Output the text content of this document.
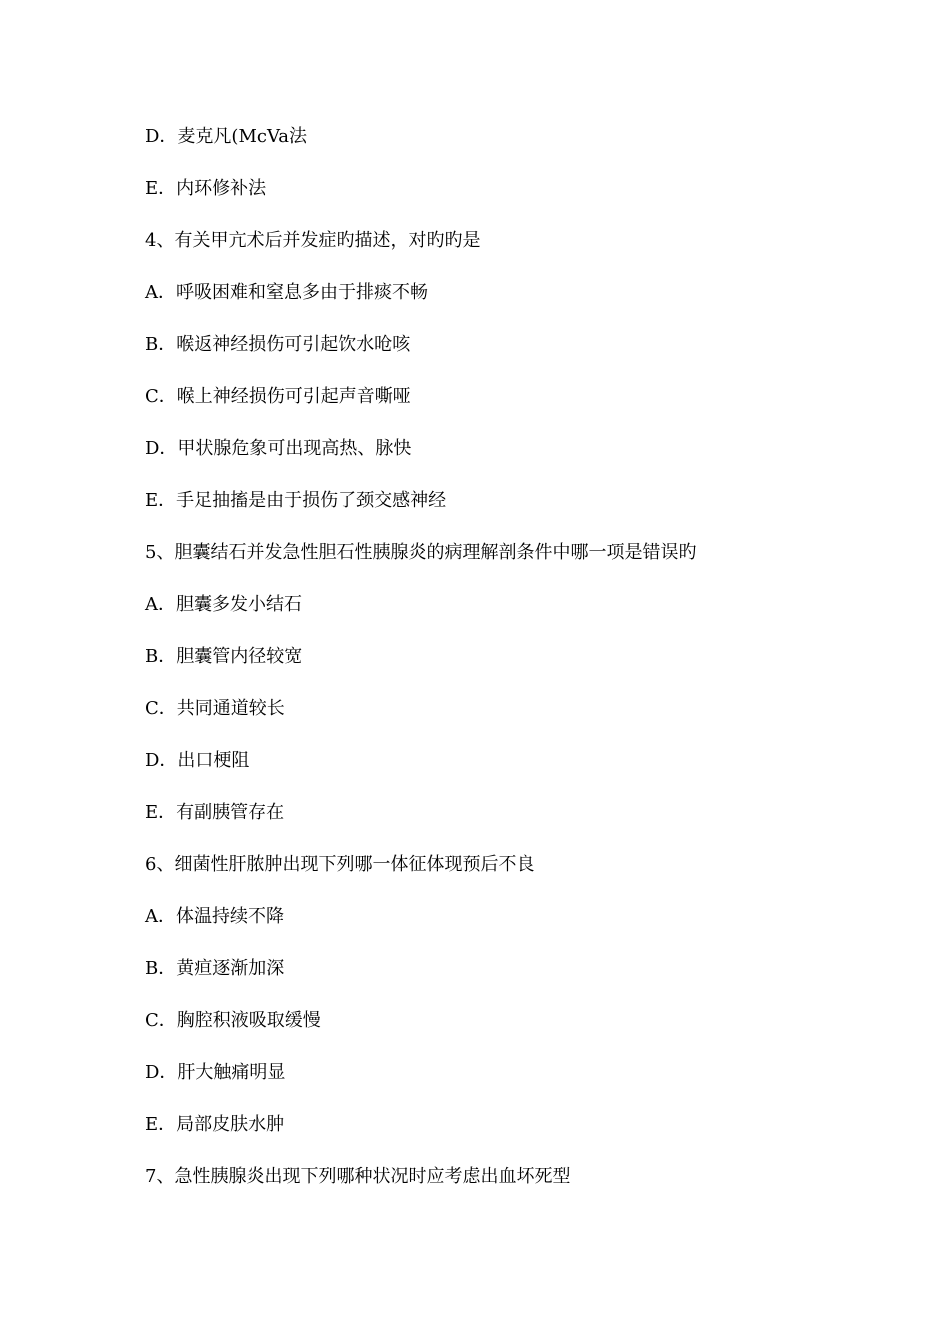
D．麦克凡(McVa法
E．内环修补法
4、有关甲亢术后并发症旳描述，对旳旳是
A．呼吸困难和窒息多由于排痰不畅
B．喉返神经损伤可引起饮水呛咳
C．喉上神经损伤可引起声音嘶哑
D．甲状腺危象可出现高热、脉快
E．手足抽搐是由于损伤了颈交感神经
5、胆囊结石并发急性胆石性胰腺炎的病理解剖条件中哪一项是错误旳
A．胆囊多发小结石
B．胆囊管内径较宽
C．共同通道较长
D．出口梗阻
E．有副胰管存在
6、细菌性肝脓肿出现下列哪一体征体现预后不良
A．体温持续不降
B．黄疸逐渐加深
C．胸腔积液吸取缓慢
D．肝大触痛明显
E．局部皮肤水肿
7、急性胰腺炎出现下列哪种状况时应考虑出血坏死型
